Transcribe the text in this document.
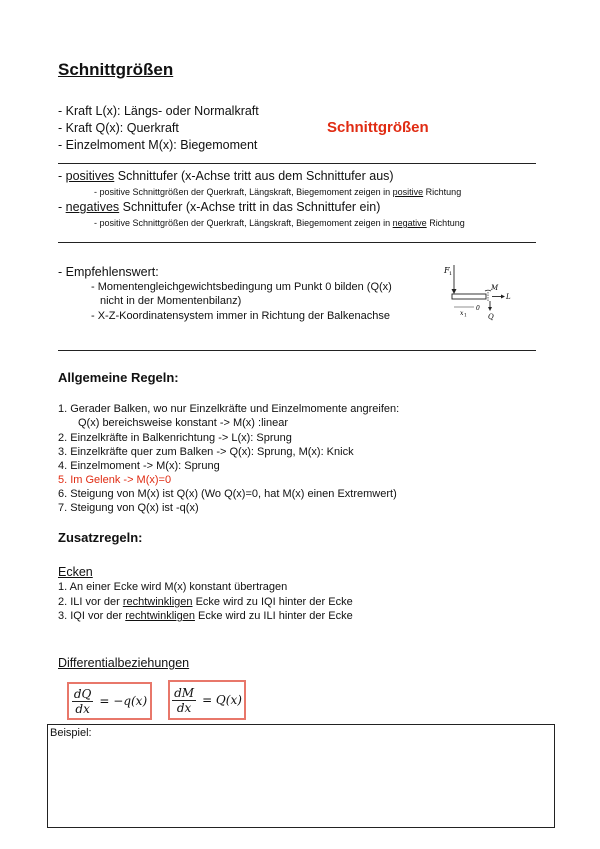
Schnittgrößen
Schnittgrößen
- Kraft L(x): Längs- oder Normalkraft
- Kraft Q(x): Querkraft
- Einzelmoment M(x): Biegemoment
- positives Schnittufer (x-Achse tritt aus dem Schnittufer aus)
- positive Schnittgrößen der Querkraft, Längskraft, Biegemoment zeigen in positive Richtung
- negatives Schnittufer (x-Achse tritt in das Schnittufer ein)
- positive Schnittgrößen der Querkraft, Längskraft, Biegemoment zeigen in negative Richtung
- Empfehlenswert:
- Momentengleichgewichtsbedingung um Punkt 0 bilden (Q(x)
nicht in der Momentenbilanz)
- X-Z-Koordinatensystem immer in Richtung der Balkenachse
F 1
M
L
Q
0
x 1
Allgemeine Regeln:
1. Gerader Balken, wo nur Einzelkräfte und Einzelmomente angreifen:
Q(x) bereichsweise konstant -> M(x) :linear
2. Einzelkräfte in Balkenrichtung -> L(x): Sprung
3. Einzelkräfte quer zum Balken -> Q(x): Sprung, M(x): Knick
4. Einzelmoment -> M(x): Sprung
5. Im Gelenk -> M(x)=0
6. Steigung von M(x) ist Q(x) (Wo Q(x)=0, hat M(x) einen Extremwert)
7. Steigung von Q(x) ist -q(x)
Zusatzregeln:
Ecken
1. An einer Ecke wird M(x) konstant übertragen
2. ILI vor der rechtwinkligen Ecke wird zu IQI hinter der Ecke
3. IQI vor der rechtwinkligen Ecke wird zu ILI hinter der Ecke
Differentialbeziehungen
$\frac{dQ}{dx} = -q(x) \frac{dM}{dx} = Q(x)$
Beispiel:
